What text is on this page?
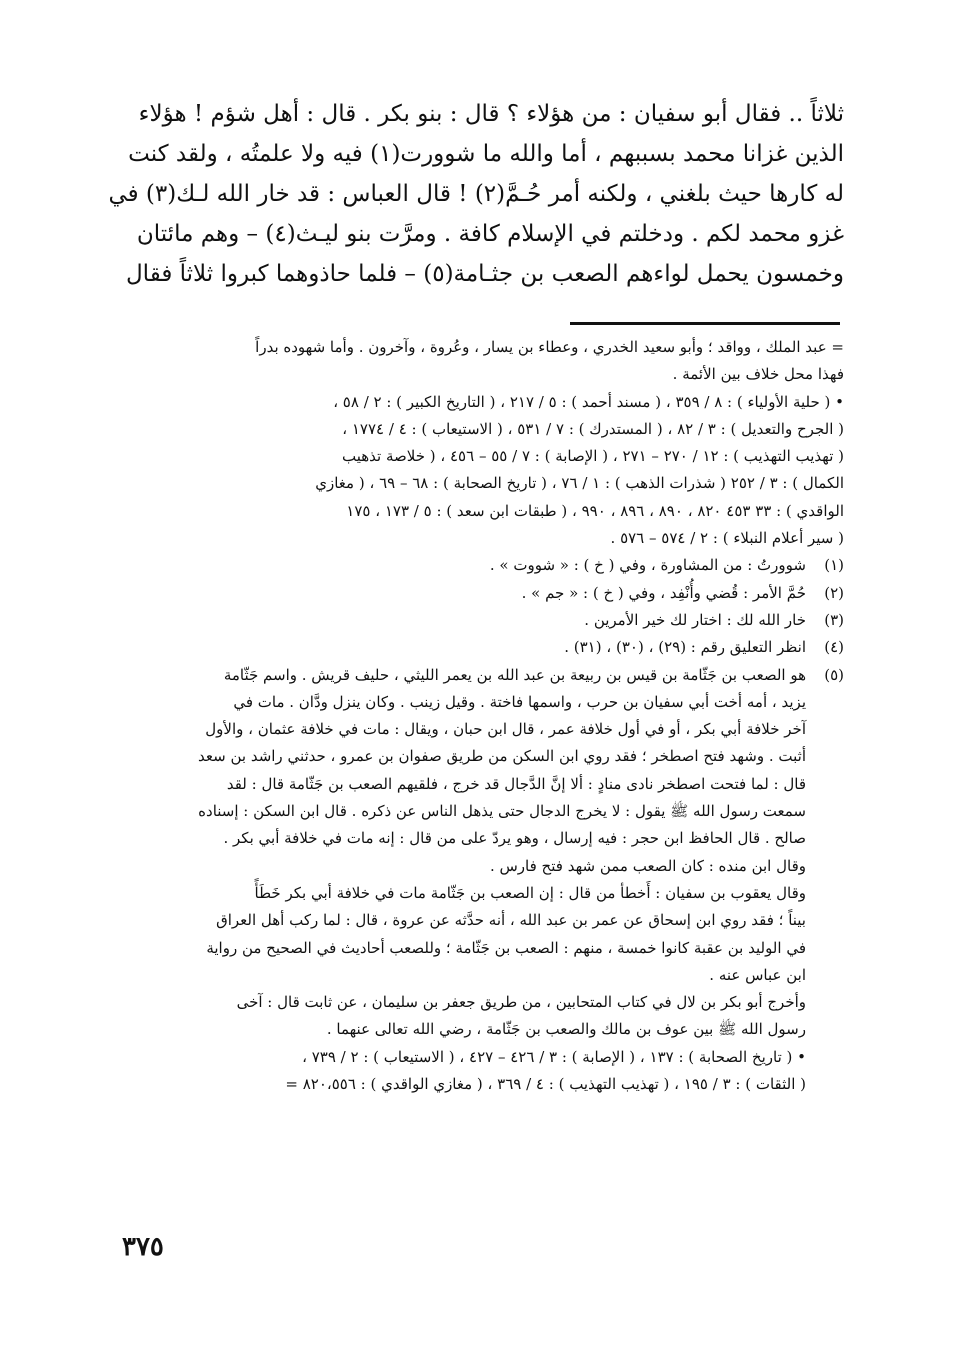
ثلاثاً .. فقال أبو سفيان : من هؤلاء ؟ قال : بنو بكر . قال : أهل شؤم ! هؤلاء
الذين غزانا محمد بسببهم ، أما والله ما شوورت(١) فيه ولا علمتُه ، ولقد كنت
له كارها حيث بلغني ، ولكنه أمر حُـمَّ(٢) ! قال العباس : قد خار الله لـك(٣) في
غزو محمد لكم . ودخلتم في الإسلام كافة . ومرَّت بنو ليـث(٤) – وهم مائتان
وخمسون يحمل لواءهم الصعب بن جثـامة(٥) – فلما حاذوهما كبروا ثلاثاً فقال
= عبد الملك ، وواقد ؛ وأبو سعيد الخدري ، وعطاء بن يسار ، وعُروة ، وآخرون . وأما شهوده بدراً
فهذا محل خلاف بين الأئمة .
• ( حلية الأولياء ) : ٨ / ٣٥٩ ، ( مسند أحمد ) : ٥ / ٢١٧ ، ( التاريخ الكبير ) : ٢ / ٥٨ ،
( الجرح والتعديل ) : ٣ / ٨٢ ، ( المستدرك ) : ٧ / ٥٣١ ، ( الاستيعاب ) : ٤ / ١٧٧٤ ،
( تهذيب التهذيب ) : ١٢ / ٢٧٠ – ٢٧١ ، ( الإصابة ) : ٧ / ٥٥ – ٤٥٦ ، ( خلاصة تذهيب
الكمال ) : ٣ / ٢٥٢ ( شذرات الذهب ) : ١ / ٧٦ ، ( تاريخ الصحابة ) : ٦٨ – ٦٩ ، ( مغازي
الواقدي ) : ٣٣ ٤٥٣ ٨٢٠ ، ٨٩٠ ، ٨٩٦ ، ٩٩٠ ، ( طبقات ابن سعد ) : ٥ / ١٧٣ ، ١٧٥
( سير أعلام النبلاء ) : ٢ / ٥٧٤ – ٥٧٦ .
(١)
شوورتُ : من المشاورة ، وفي ( خ ) : « شووت » .
(٢)
حُمَّ الأمر : قُضي وأُنْفِد ، وفي ( خ ) : « جم » .
(٣)
خار الله لك : اختار لك خير الأمرين .
(٤)
انظر التعليق رقم : (٢٩) ، (٣٠) ، (٣١) .
(٥)
هو الصعب بن جَثّامة بن قيس بن ربيعة بن عبد الله بن يعمر الليثي ، حليف قريش . واسم جَثّامة
يزيد ، أمه أخت أبي سفيان بن حرب ، واسمها فاختة . وقيل زينب . وكان ينزل ودَّان . مات في
آخر خلافة أبي بكر ، أو في أول خلافة عمر ، قال ابن حبان ، ويقال : مات في خلافة عثمان ، والأول
أثبت . وشهد فتح اصطخر ؛ فقد روي ابن السكن من طريق صفوان بن عمرو ، حدثني راشد بن سعد
قال : لما فتحت اصطخر نادى منادٍ : ألا إنَّ الدَّجال قد خرج ، فلقيهم الصعب بن جَثّامة قال : لقد
سمعت رسول الله ﷺ يقول : لا يخرج الدجال حتى يذهل الناس عن ذكره . قال ابن السكن : إسناده
صالح . قال الحافظ ابن حجر : فيه إرسال ، وهو يردّ على من قال : إنه مات في خلافة أبي بكر .
وقال ابن منده : كان الصعب ممن شهد فتح فارس .
وقال يعقوب بن سفيان : أَخطأ من قال : إن الصعب بن جَثّامة مات في خلافة أبي بكر خَطَأً
بيناً ؛ فقد روي ابن إسحاق عن عمر بن عبد الله ، أنه حدَّثه عن عروة ، قال : لما ركب أهل العراق
في الوليد بن عقبة كانوا خمسة ، منهم : الصعب بن جَثّامة ؛ وللصعب أحاديث في الصحيح من رواية
ابن عباس عنه .
وأخرج أبو بكر بن لال في كتاب المتحابين ، من طريق جعفر بن سليمان ، عن ثابت قال : آخى
رسول الله ﷺ بين عوف بن مالك والصعب بن جَثّامة ، رضي الله تعالى عنهما .
• ( تاريخ الصحابة ) : ١٣٧ ، ( الإصابة ) : ٣ / ٤٢٦ – ٤٢٧ ، ( الاستيعاب ) : ٢ / ٧٣٩ ،
( الثقات ) : ٣ / ١٩٥ ، ( تهذيب التهذيب ) : ٤ / ٣٦٩ ، ( مغازي الواقدي ) : ٨٢٠،٥٥٦ =
٣٧٥
